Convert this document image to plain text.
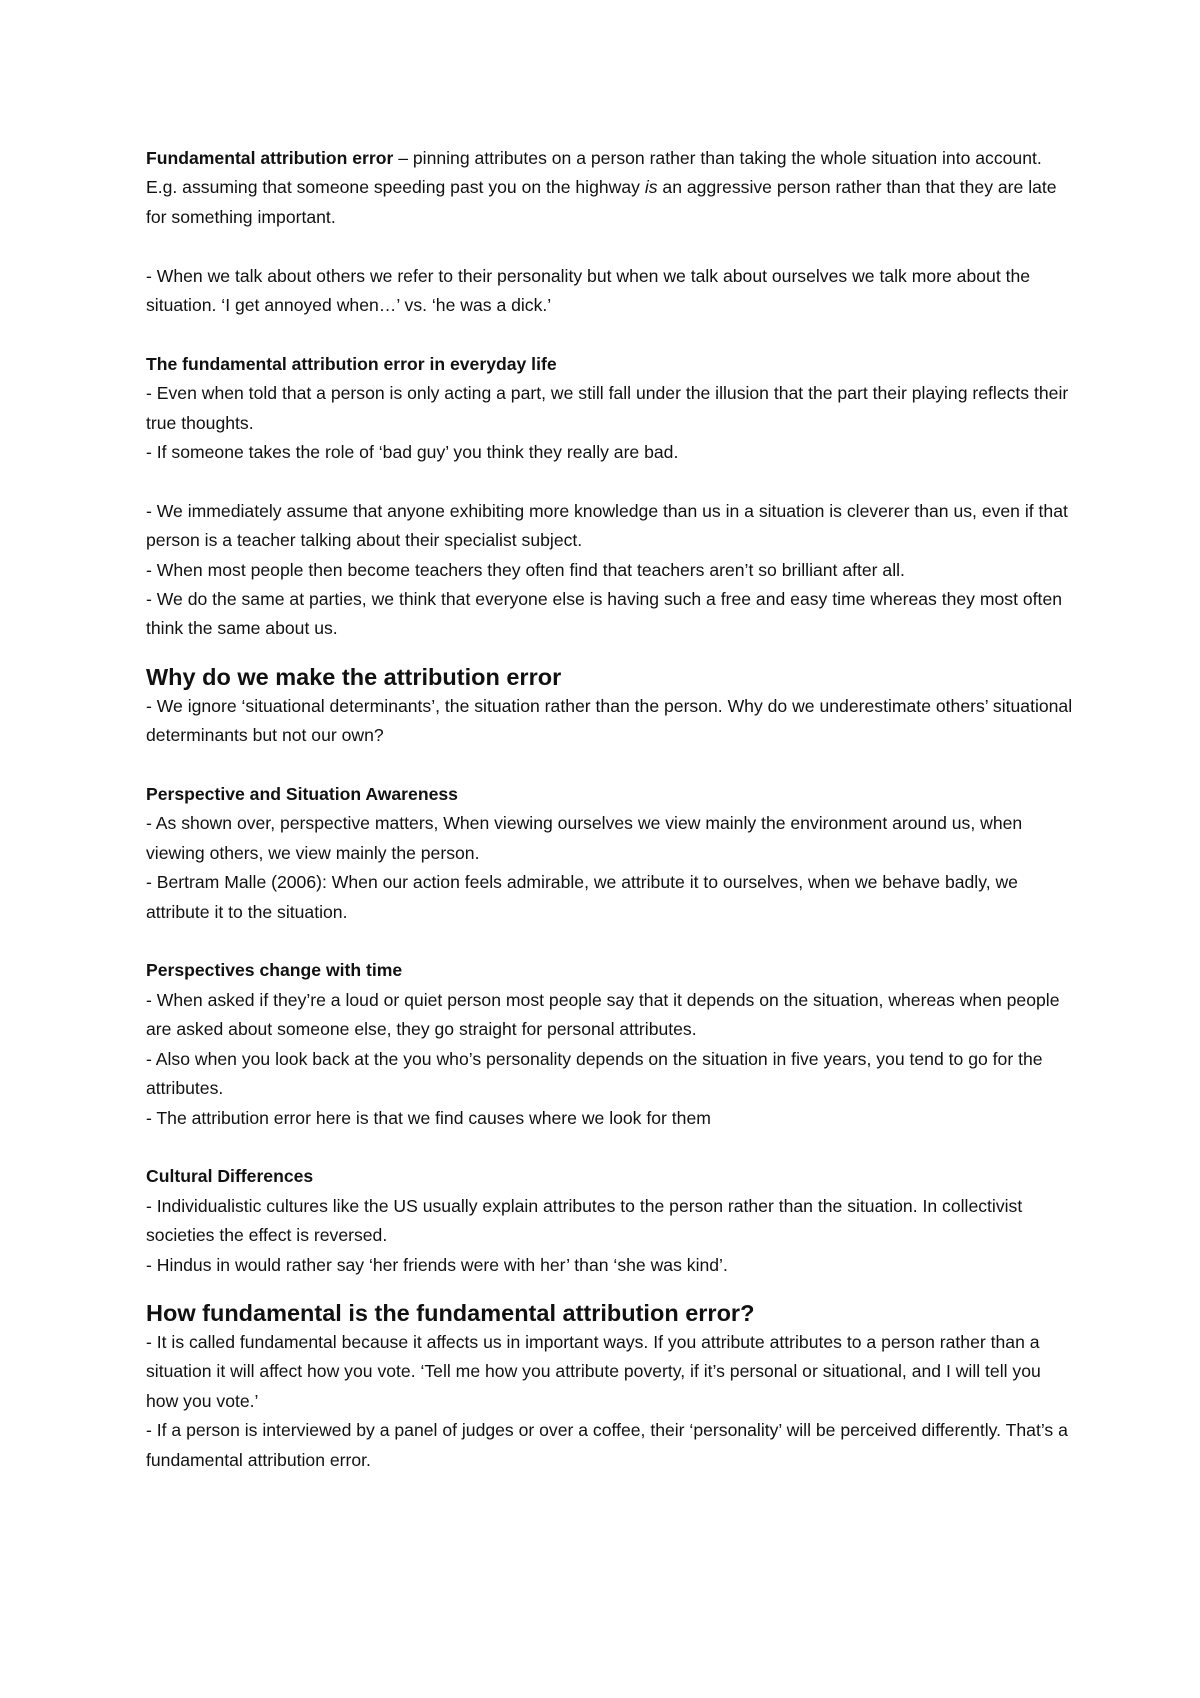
Fundamental attribution error – pinning attributes on a person rather than taking the whole situation into account. E.g. assuming that someone speeding past you on the highway is an aggressive person rather than that they are late for something important.

- When we talk about others we refer to their personality but when we talk about ourselves we talk more about the situation. ‘I get annoyed when…’ vs. ‘he was a dick.’

The fundamental attribution error in everyday life

- Even when told that a person is only acting a part, we still fall under the illusion that the part their playing reflects their true thoughts.

- If someone takes the role of ‘bad guy’ you think they really are bad.

- We immediately assume that anyone exhibiting more knowledge than us in a situation is cleverer than us, even if that person is a teacher talking about their specialist subject.

- When most people then become teachers they often find that teachers aren’t so brilliant after all.

- We do the same at parties, we think that everyone else is having such a free and easy time whereas they most often think the same about us.

Why do we make the attribution error

- We ignore ‘situational determinants’, the situation rather than the person. Why do we underestimate others’ situational determinants but not our own?

Perspective and Situation Awareness

- As shown over, perspective matters, When viewing ourselves we view mainly the environment around us, when viewing others, we view mainly the person.

- Bertram Malle (2006): When our action feels admirable, we attribute it to ourselves, when we behave badly, we attribute it to the situation.

Perspectives change with time

- When asked if they’re a loud or quiet person most people say that it depends on the situation, whereas when people are asked about someone else, they go straight for personal attributes.

- Also when you look back at the you who’s personality depends on the situation in five years, you tend to go for the attributes.

- The attribution error here is that we find causes where we look for them

Cultural Differences

- Individualistic cultures like the US usually explain attributes to the person rather than the situation. In collectivist societies the effect is reversed.

- Hindus in would rather say ‘her friends were with her’ than ‘she was kind’.

How fundamental is the fundamental attribution error?

- It is called fundamental because it affects us in important ways. If you attribute attributes to a person rather than a situation it will affect how you vote. ‘Tell me how you attribute poverty, if it’s personal or situational, and I will tell you how you vote.’

- If a person is interviewed by a panel of judges or over a coffee, their ‘personality’ will be perceived differently. That’s a fundamental attribution error.
